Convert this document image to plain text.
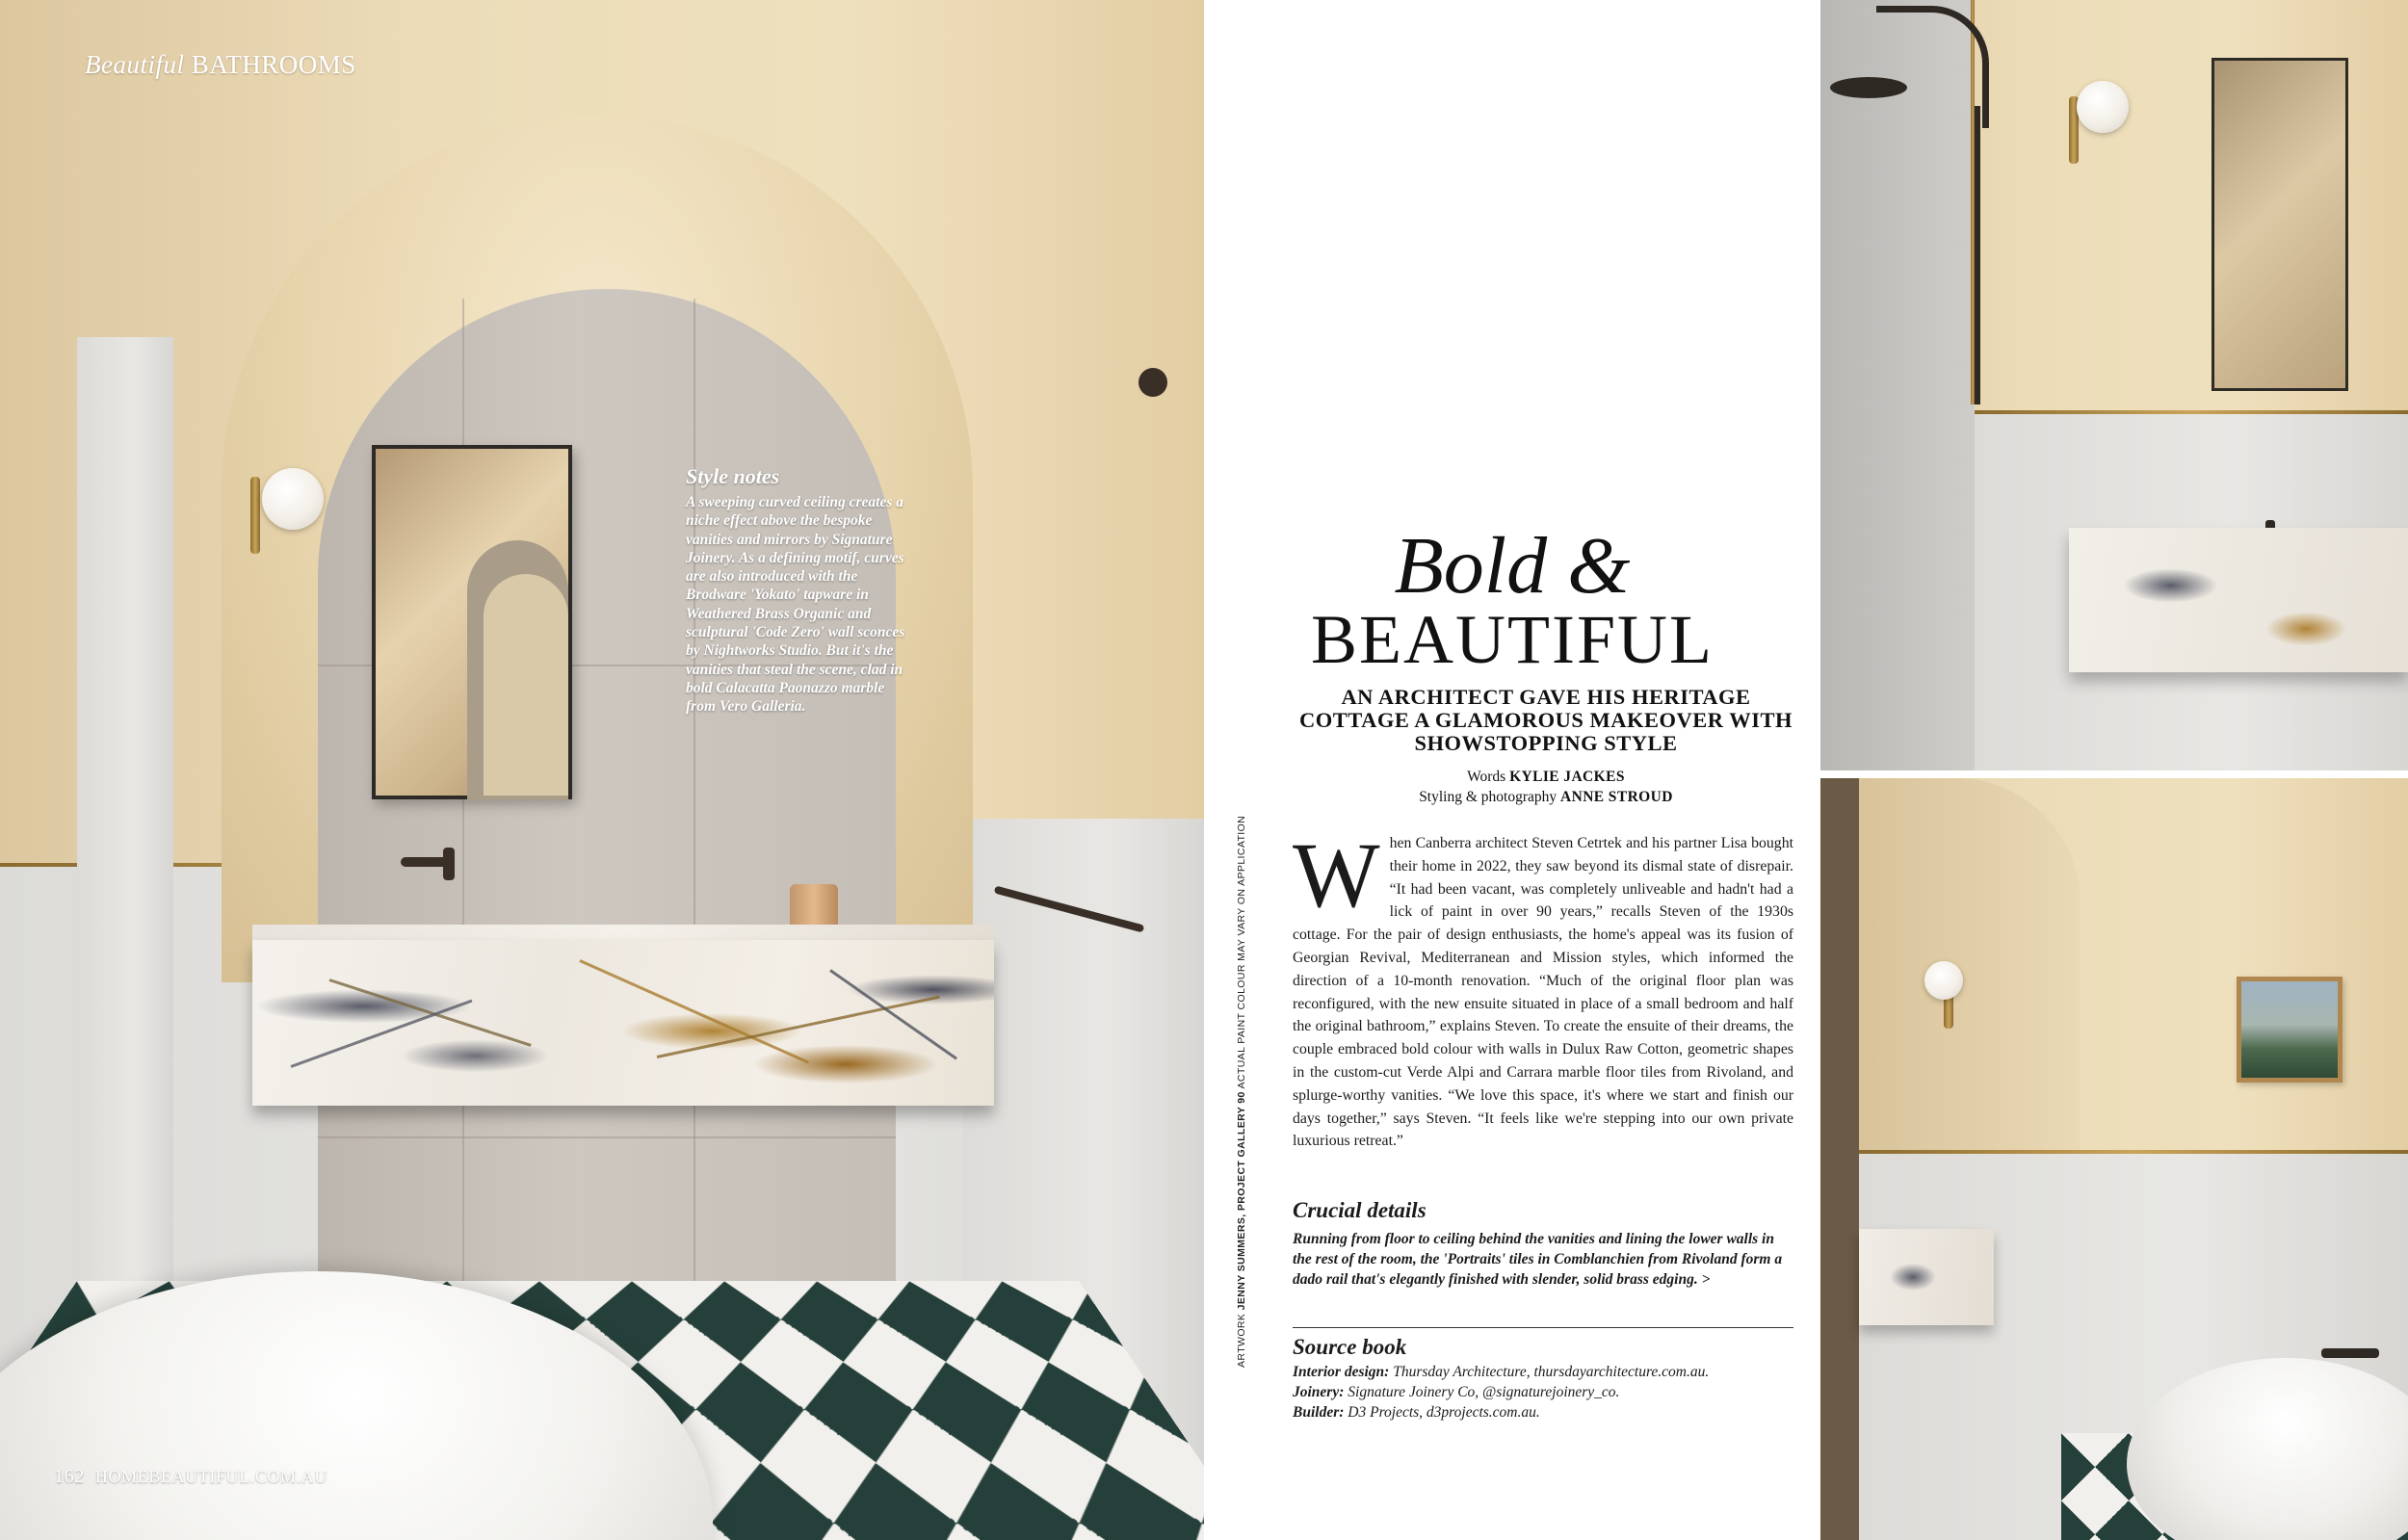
Beautiful BATHROOMS
Style notes

A sweeping curved ceiling creates a niche effect above the bespoke vanities and mirrors by Signature Joinery. As a defining motif, curves are also introduced with the Brodware 'Yokato' tapware in Weathered Brass Organic and sculptural 'Code Zero' wall sconces by Nightworks Studio. But it's the vanities that steal the scene, clad in bold Calacatta Paonazzo marble from Vero Galleria.

162 HOMEBEAUTIFUL.COM.AU
ARTWORK JENNY SUMMERS, PROJECT GALLERY 90 ACTUAL PAINT COLOUR MAY VARY ON APPLICATION
Bold &
BEAUTIFUL
AN ARCHITECT GAVE HIS HERITAGE COTTAGE A GLAMOROUS MAKEOVER WITH SHOWSTOPPING STYLE
Words KYLIE JACKES
Styling & photography ANNE STROUD
When Canberra architect Steven Cetrtek and his partner Lisa bought their home in 2022, they saw beyond its dismal state of disrepair. “It had been vacant, was completely unliveable and hadn't had a lick of paint in over 90 years,” recalls Steven of the 1930s cottage. For the pair of design enthusiasts, the home's appeal was its fusion of Georgian Revival, Mediterranean and Mission styles, which informed the direction of a 10-month renovation. “Much of the original floor plan was reconfigured, with the new ensuite situated in place of a small bedroom and half the original bathroom,” explains Steven. To create the ensuite of their dreams, the couple embraced bold colour with walls in Dulux Raw Cotton, geometric shapes in the custom-cut Verde Alpi and Carrara marble floor tiles from Rivoland, and splurge-worthy vanities. “We love this space, it's where we start and finish our days together,” says Steven. “It feels like we're stepping into our own private luxurious retreat.”
Crucial details

Running from floor to ceiling behind the vanities and lining the lower walls in the rest of the room, the 'Portraits' tiles in Comblanchien from Rivoland form a dado rail that's elegantly finished with slender, solid brass edging. >

Source book
Interior design: Thursday Architecture, thursdayarchitecture.com.au.
Joinery: Signature Joinery Co, @signaturejoinery_co.
Builder: D3 Projects, d3projects.com.au.
